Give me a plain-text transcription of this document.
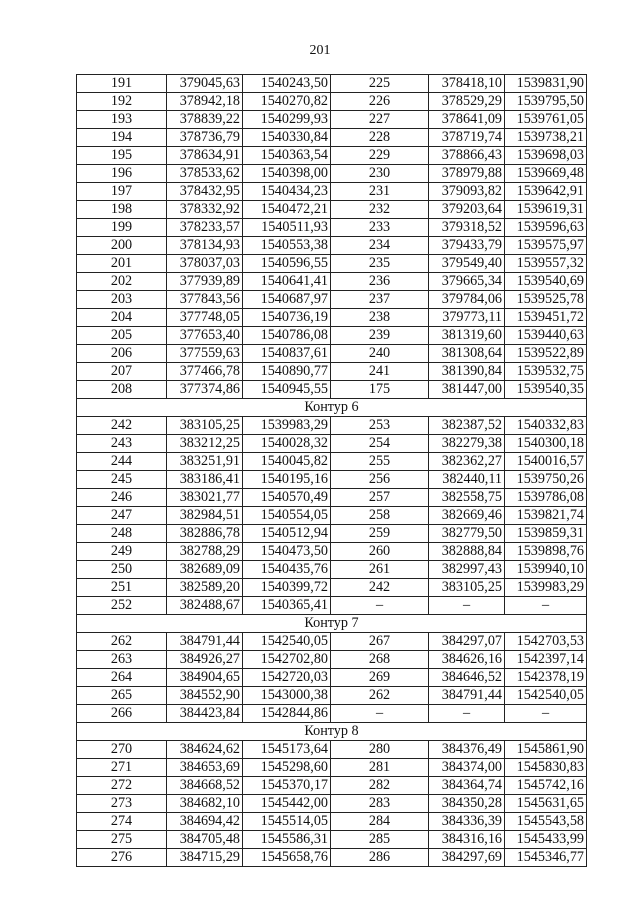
201
191	379045,63	1540243,50	225	378418,10	1539831,90
192	378942,18	1540270,82	226	378529,29	1539795,50
193	378839,22	1540299,93	227	378641,09	1539761,05
194	378736,79	1540330,84	228	378719,74	1539738,21
195	378634,91	1540363,54	229	378866,43	1539698,03
196	378533,62	1540398,00	230	378979,88	1539669,48
197	378432,95	1540434,23	231	379093,82	1539642,91
198	378332,92	1540472,21	232	379203,64	1539619,31
199	378233,57	1540511,93	233	379318,52	1539596,63
200	378134,93	1540553,38	234	379433,79	1539575,97
201	378037,03	1540596,55	235	379549,40	1539557,32
202	377939,89	1540641,41	236	379665,34	1539540,69
203	377843,56	1540687,97	237	379784,06	1539525,78
204	377748,05	1540736,19	238	379773,11	1539451,72
205	377653,40	1540786,08	239	381319,60	1539440,63
206	377559,63	1540837,61	240	381308,64	1539522,89
207	377466,78	1540890,77	241	381390,84	1539532,75
208	377374,86	1540945,55	175	381447,00	1539540,35
Контур 6					
242	383105,25	1539983,29	253	382387,52	1540332,83
243	383212,25	1540028,32	254	382279,38	1540300,18
244	383251,91	1540045,82	255	382362,27	1540016,57
245	383186,41	1540195,16	256	382440,11	1539750,26
246	383021,77	1540570,49	257	382558,75	1539786,08
247	382984,51	1540554,05	258	382669,46	1539821,74
248	382886,78	1540512,94	259	382779,50	1539859,31
249	382788,29	1540473,50	260	382888,84	1539898,76
250	382689,09	1540435,76	261	382997,43	1539940,10
251	382589,20	1540399,72	242	383105,25	1539983,29
252	382488,67	1540365,41	–	–	–
Контур 7					
262	384791,44	1542540,05	267	384297,07	1542703,53
263	384926,27	1542702,80	268	384626,16	1542397,14
264	384904,65	1542720,03	269	384646,52	1542378,19
265	384552,90	1543000,38	262	384791,44	1542540,05
266	384423,84	1542844,86	–	–	–
Контур 8					
270	384624,62	1545173,64	280	384376,49	1545861,90
271	384653,69	1545298,60	281	384374,00	1545830,83
272	384668,52	1545370,17	282	384364,74	1545742,16
273	384682,10	1545442,00	283	384350,28	1545631,65
274	384694,42	1545514,05	284	384336,39	1545543,58
275	384705,48	1545586,31	285	384316,16	1545433,99
276	384715,29	1545658,76	286	384297,69	1545346,77
